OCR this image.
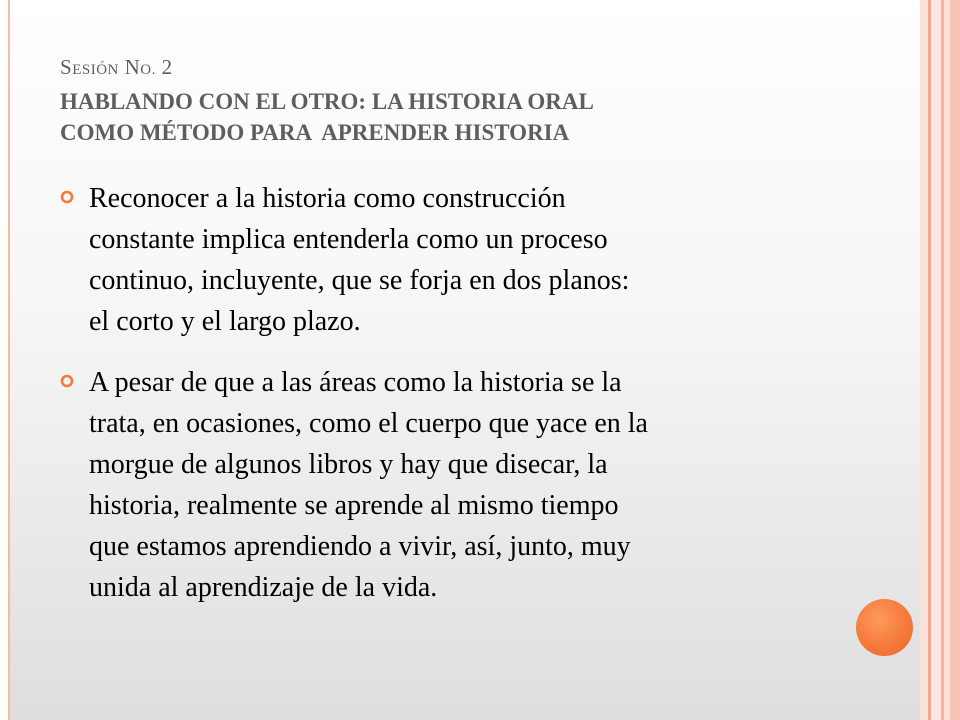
SESIÓN NO. 2
HABLANDO CON EL OTRO: LA HISTORIA ORAL
COMO MÉTODO PARA  APRENDER HISTORIA
Reconocer a la historia como construcción
constante implica entenderla como un proceso
continuo, incluyente, que se forja en dos planos:
el corto y el largo plazo.
A pesar de que a las áreas como la historia se la
trata, en ocasiones, como el cuerpo que yace en la
morgue de algunos libros y hay que disecar, la
historia, realmente se aprende al mismo tiempo
que estamos aprendiendo a vivir, así, junto, muy
unida al aprendizaje de la vida.
